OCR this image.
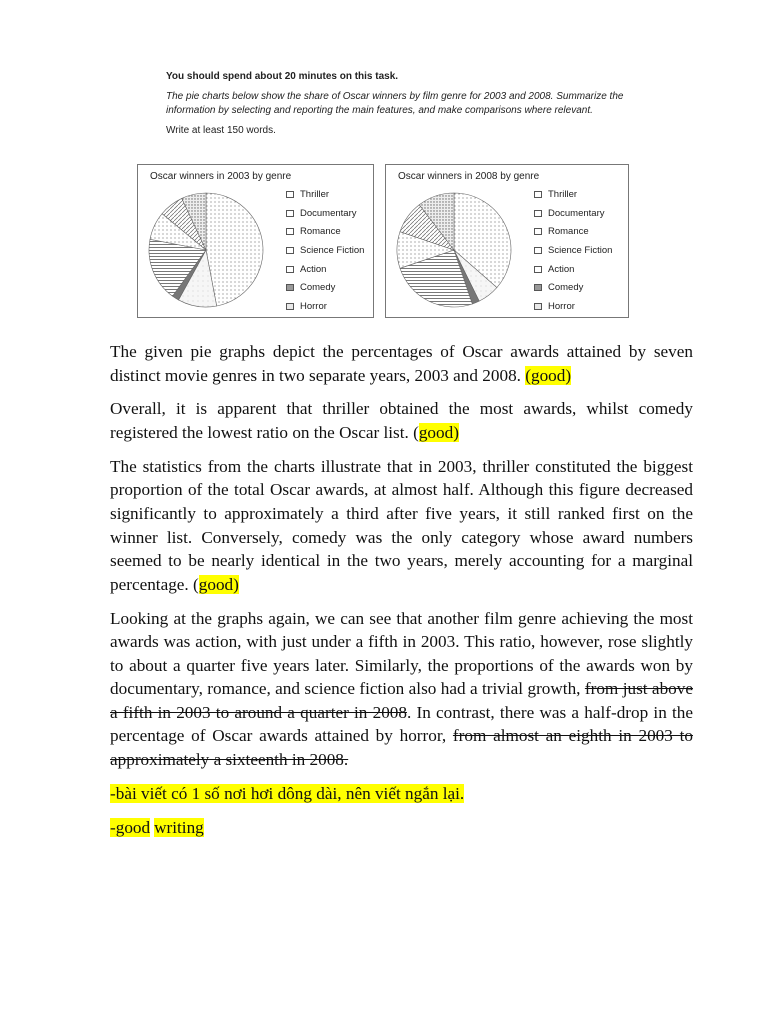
You should spend about 20 minutes on this task.

The pie charts below show the share of Oscar winners by film genre for 2003 and 2008. Summarize the information by selecting and reporting the main features, and make comparisons where relevant.

Write at least 150 words.

Oscar winners in 2003 by genre
Thriller
Documentary
Romance
Science Fiction
Action
Comedy
Horror
Oscar winners in 2008 by genre
Thriller
Documentary
Romance
Science Fiction
Action
Comedy
Horror

The given pie graphs depict the percentages of Oscar awards attained by seven distinct movie genres in two separate years, 2003 and 2008. (good)

Overall, it is apparent that thriller obtained the most awards, whilst comedy registered the lowest ratio on the Oscar list. (good)

The statistics from the charts illustrate that in 2003, thriller constituted the biggest proportion of the total Oscar awards, at almost half. Although this figure decreased significantly to approximately a third after five years, it still ranked first on the winner list. Conversely, comedy was the only category whose award numbers seemed to be nearly identical in the two years, merely accounting for a marginal percentage. (good)

Looking at the graphs again, we can see that another film genre achieving the most awards was action, with just under a fifth in 2003. This ratio, however, rose slightly to about a quarter five years later. Similarly, the proportions of the awards won by documentary, romance, and science fiction also had a trivial growth, from just above a fifth in 2003 to around a quarter in 2008. In contrast, there was a half-drop in the percentage of Oscar awards attained by horror, from almost an eighth in 2003 to approximately a sixteenth in 2008.

-bài viết có 1 số nơi hơi dông dài, nên viết ngắn lại.

-good writing
